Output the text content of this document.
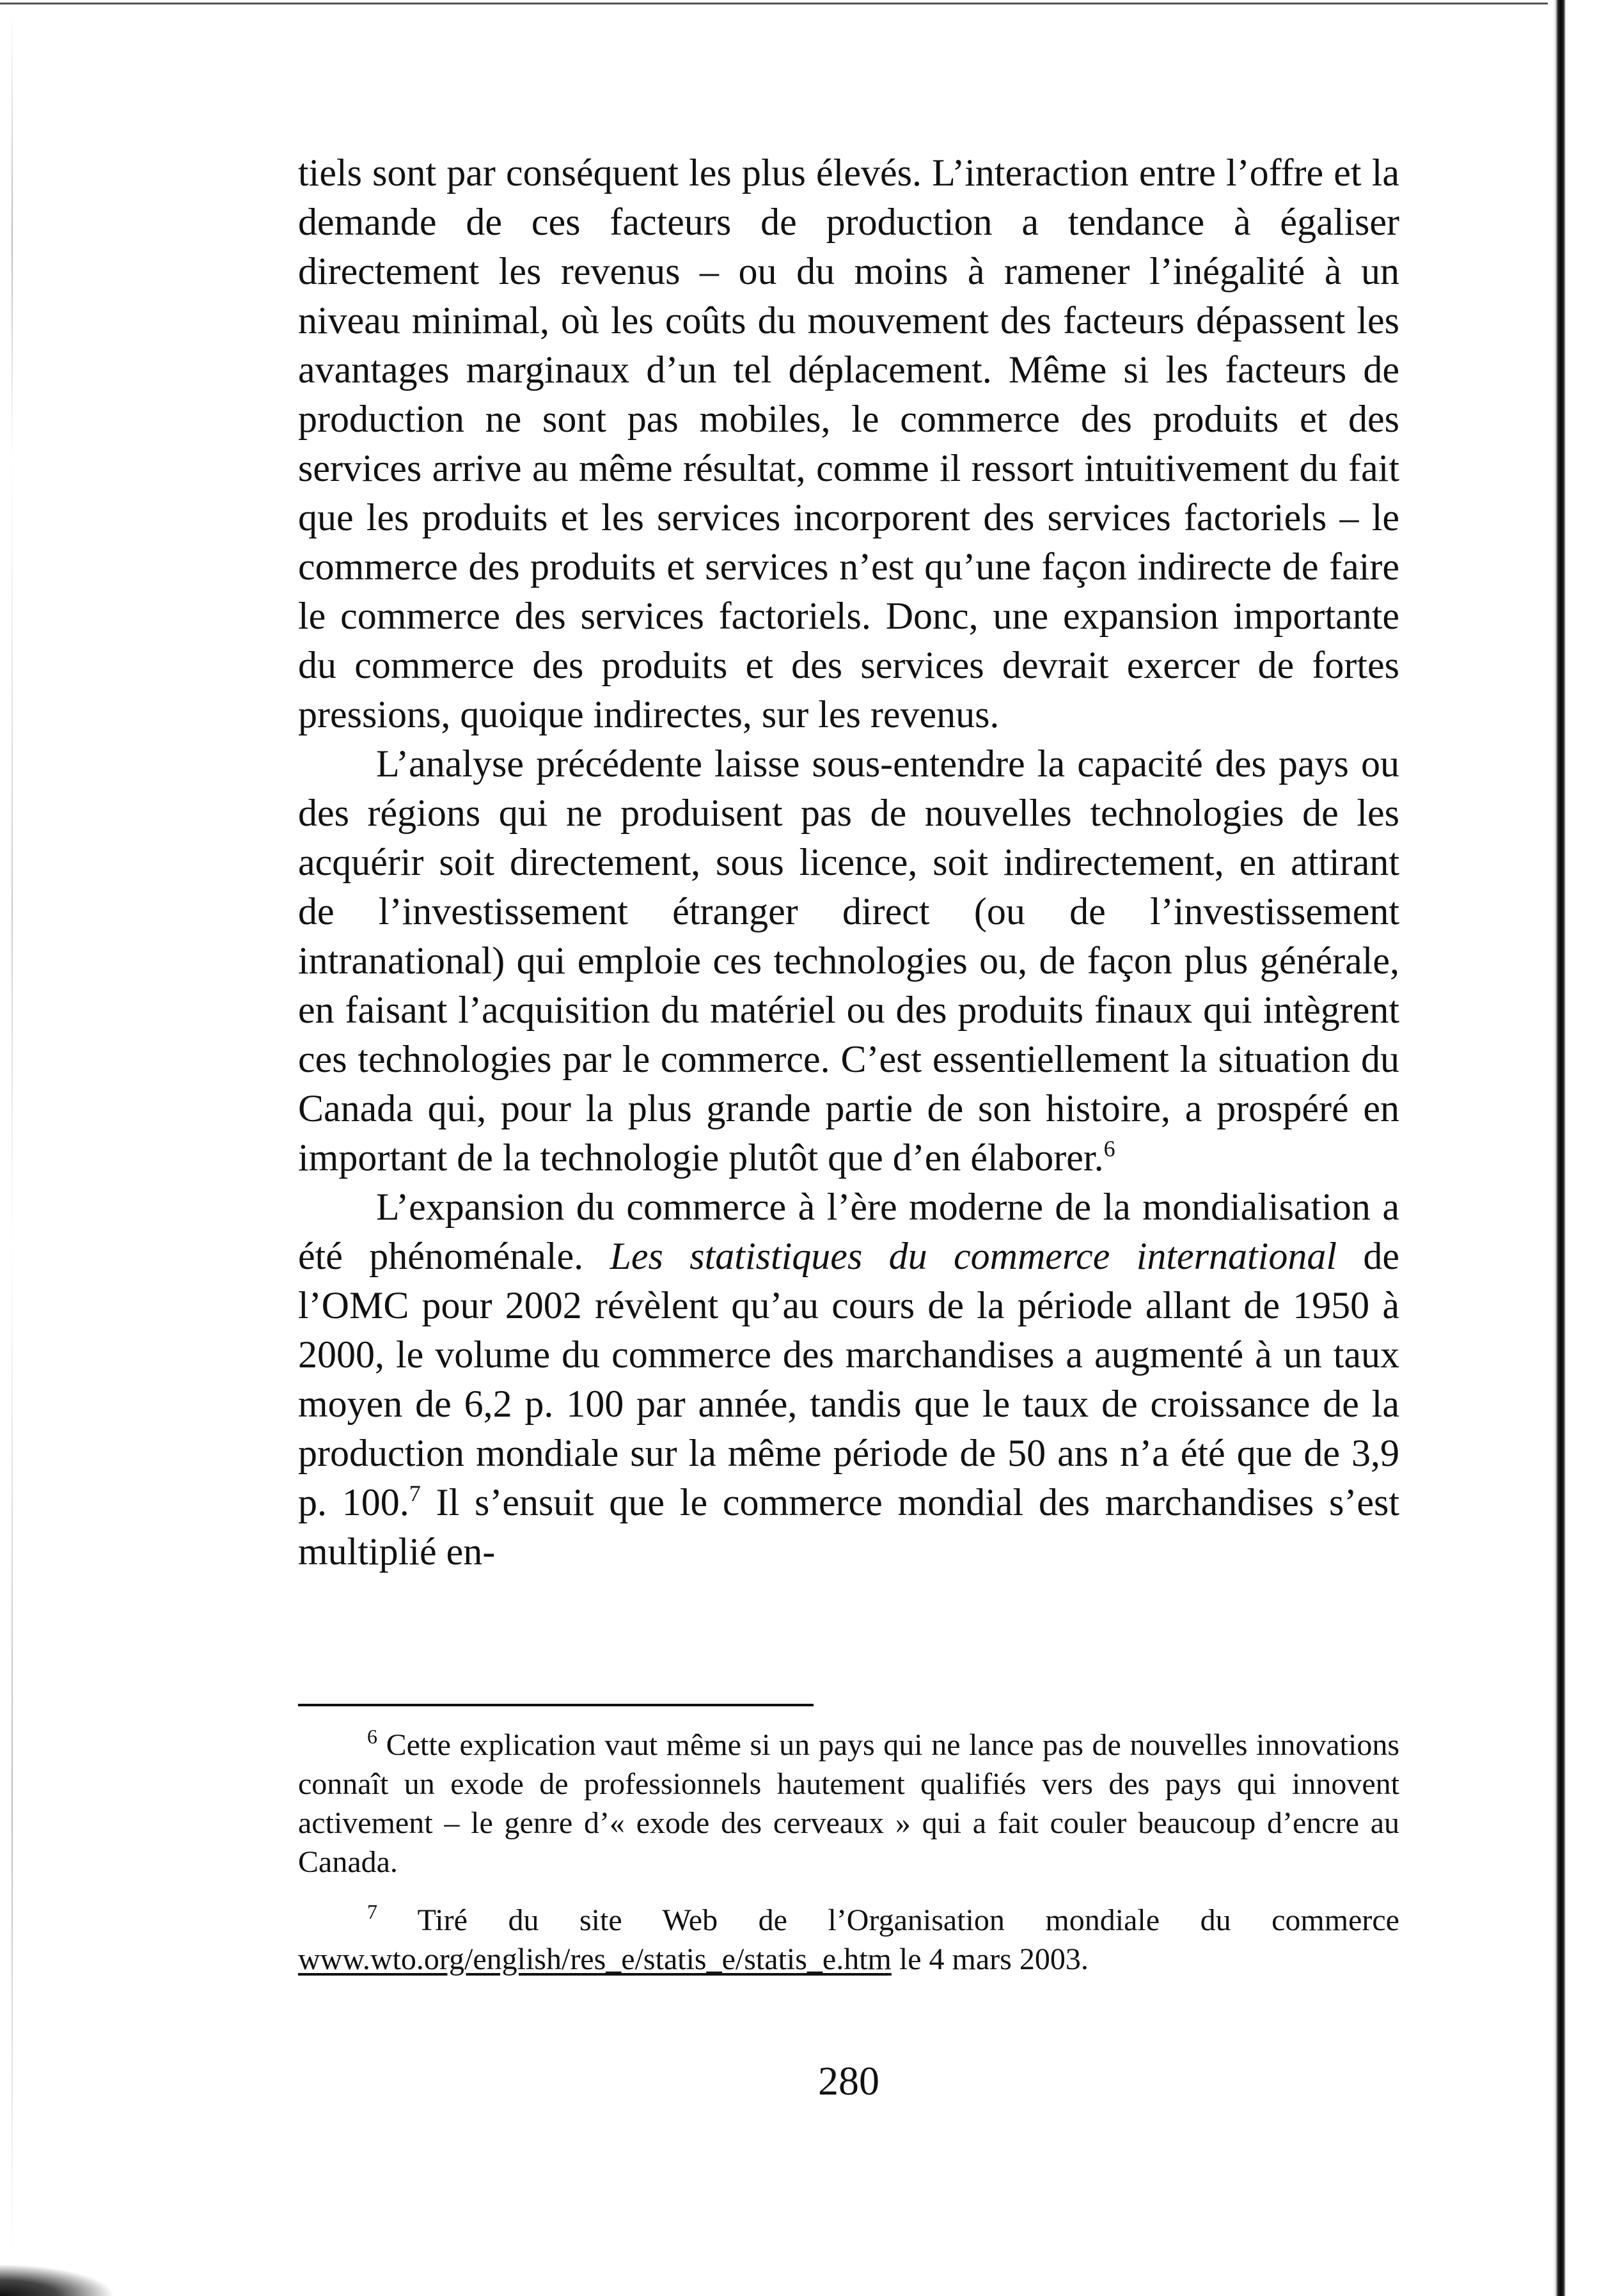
tiels sont par conséquent les plus élevés. L’interaction entre l’offre et la demande de ces facteurs de production a tendance à égaliser directement les revenus – ou du moins à ramener l’inégalité à un niveau minimal, où les coûts du mouvement des facteurs dépassent les avantages marginaux d’un tel déplacement. Même si les facteurs de production ne sont pas mobiles, le commerce des produits et des services arrive au même résultat, comme il ressort intuitivement du fait que les produits et les services incorporent des services factoriels – le commerce des produits et services n’est qu’une façon indirecte de faire le commerce des services factoriels. Donc, une expansion importante du commerce des produits et des services devrait exercer de fortes pressions, quoique indirectes, sur les revenus.

L’analyse précédente laisse sous-entendre la capacité des pays ou des régions qui ne produisent pas de nouvelles technologies de les acquérir soit directement, sous licence, soit indirectement, en attirant de l’investissement étranger direct (ou de l’investissement intranational) qui emploie ces technologies ou, de façon plus générale, en faisant l’acquisition du matériel ou des produits finaux qui intègrent ces technologies par le commerce. C’est essentiellement la situation du Canada qui, pour la plus grande partie de son histoire, a prospéré en important de la technologie plutôt que d’en élaborer.$^6$

L’expansion du commerce à l’ère moderne de la mondialisation a été phénoménale. Les statistiques du commerce international de l’OMC pour 2002 révèlent qu’au cours de la période allant de 1950 à 2000, le volume du commerce des marchandises a augmenté à un taux moyen de 6,2 p. 100 par année, tandis que le taux de croissance de la production mondiale sur la même période de 50 ans n’a été que de 3,9 p. 100.$^7$ Il s’ensuit que le commerce mondial des marchandises s’est multiplié en-

$^6$ Cette explication vaut même si un pays qui ne lance pas de nouvelles innovations connaît un exode de professionnels hautement qualifiés vers des pays qui innovent activement – le genre d’« exode des cerveaux » qui a fait couler beaucoup d’encre au Canada.

$^7$ Tiré du site Web de l’Organisation mondiale du commerce www.wto.org/english/res_e/statis_e/statis_e.htm le 4 mars 2003.

280
